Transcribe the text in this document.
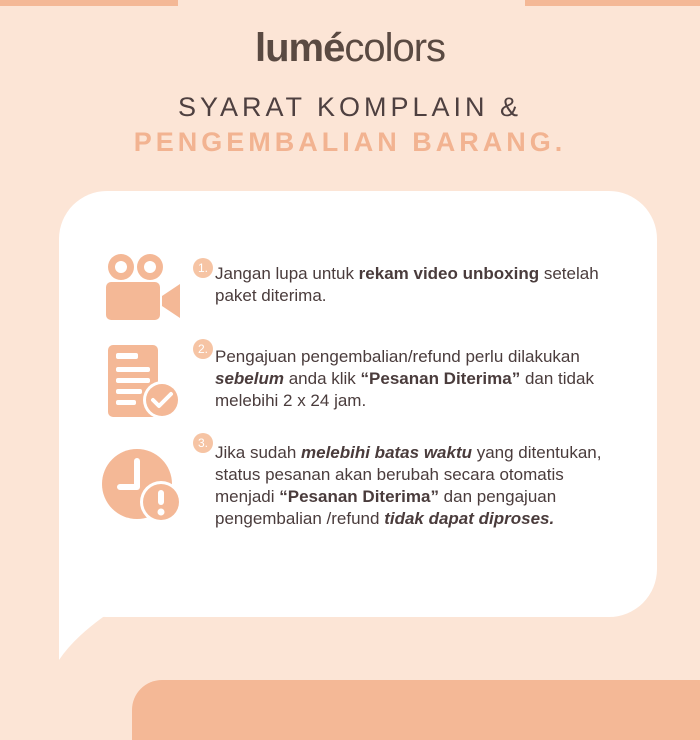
lumécolors
SYARAT KOMPLAIN &
PENGEMBALIAN BARANG.
1. Jangan lupa untuk rekam video unboxing setelah paket diterima.
2. Pengajuan pengembalian/refund perlu dilakukan sebelum anda klik “Pesanan Diterima” dan tidak melebihi 2 x 24 jam.
3. Jika sudah melebihi batas waktu yang ditentukan, status pesanan akan berubah secara otomatis menjadi “Pesanan Diterima” dan pengajuan pengembalian /refund tidak dapat diproses.
